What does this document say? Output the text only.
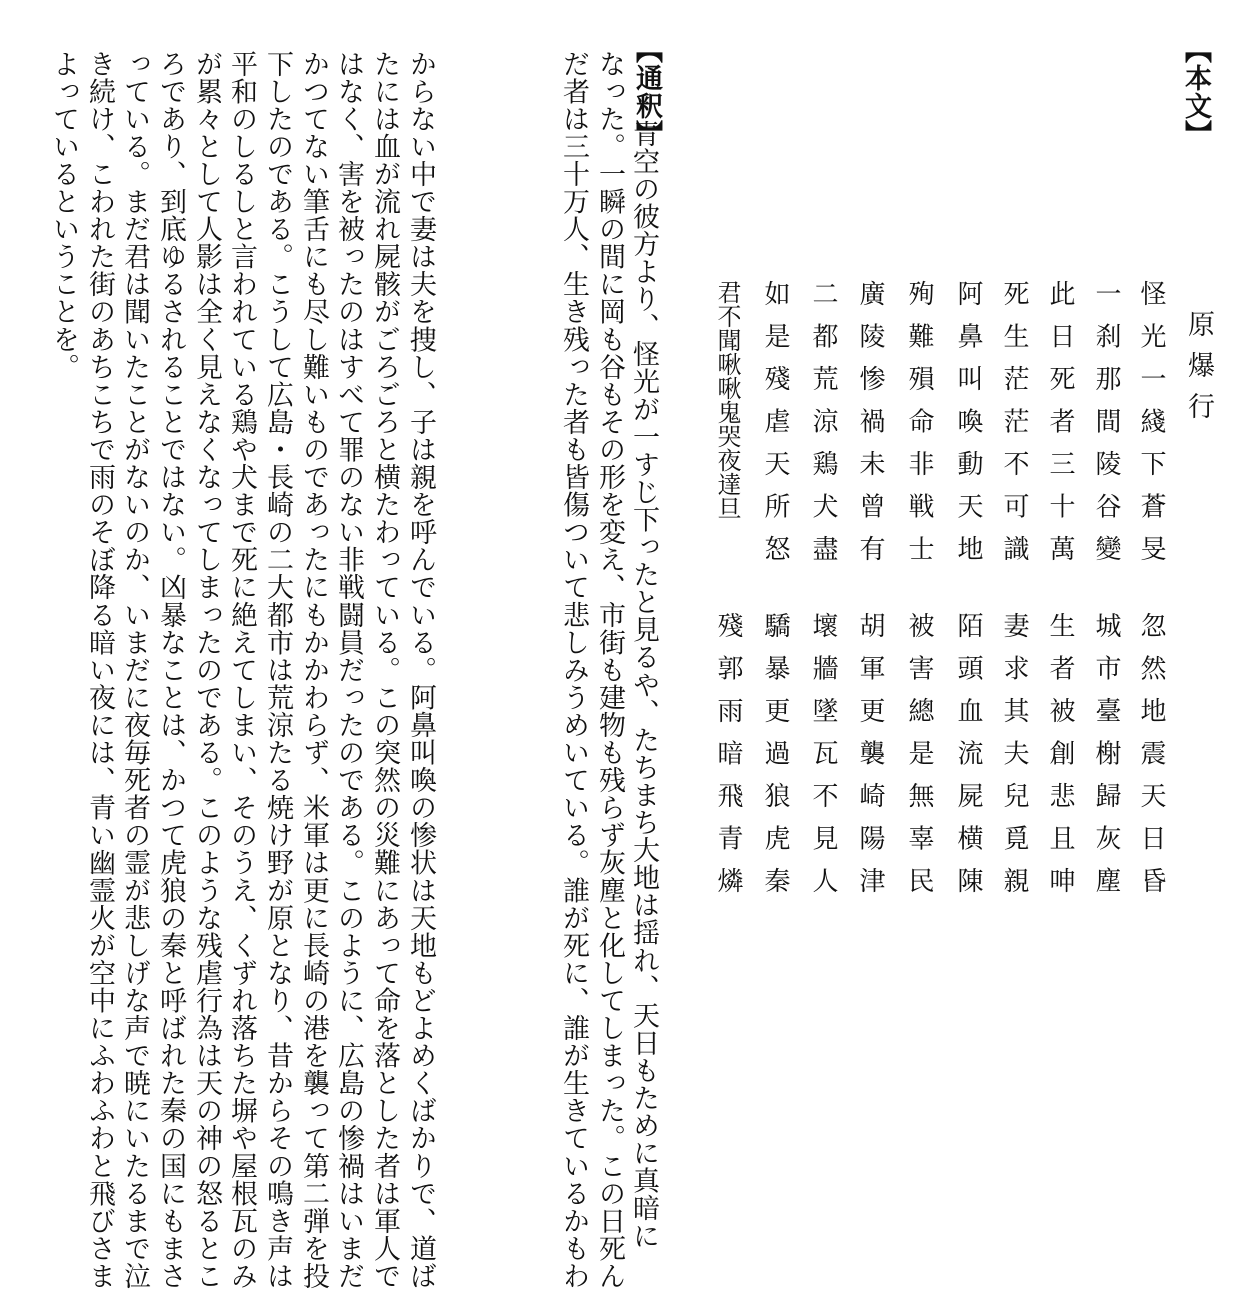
【本文】
【通釈】
原爆行
怪光一綫下蒼旻
一刹那間陵谷變
此日死者三十萬
死生茫茫不可識
阿鼻叫喚動天地
殉難殞命非戦士
廣陵惨禍未曾有
二都荒涼鶏犬盡
如是殘虐天所怒
君不聞啾啾鬼哭夜達旦
忽然地震天日昏
城市臺榭歸灰塵
生者被創悲且呻
妻求其夫兒覓親
陌頭血流屍横陳
被害總是無辜民
胡軍更襲崎陽津
壞牆墜瓦不見人
驕暴更過狼虎秦
殘郭雨暗飛青燐
青空の彼方より、怪光が一すじ下ったと見るや、たちまち大地は揺れ、天日もために真暗に
なった。一瞬の間に岡も谷もその形を変え、市街も建物も残らず灰塵と化してしまった。この日死ん
だ者は三十万人、生き残った者も皆傷ついて悲しみうめいている。誰が死に、誰が生きているかもわ
からない中で妻は夫を捜し、子は親を呼んでいる。阿鼻叫喚の惨状は天地もどよめくばかりで、道ば
たには血が流れ屍骸がごろごろと横たわっている。この突然の災難にあって命を落とした者は軍人で
はなく、害を被ったのはすべて罪のない非戦闘員だったのである。このように、広島の惨禍はいまだ
かつてない筆舌にも尽し難いものであったにもかかわらず、米軍は更に長崎の港を襲って第二弾を投
下したのである。こうして広島・長崎の二大都市は荒涼たる焼け野が原となり、昔からその鳴き声は
平和のしるしと言われている鶏や犬まで死に絶えてしまい、そのうえ、くずれ落ちた塀や屋根瓦のみ
が累々として人影は全く見えなくなってしまったのである。このような残虐行為は天の神の怒るとこ
ろであり、到底ゆるされることではない。凶暴なことは、かつて虎狼の秦と呼ばれた秦の国にもまさ
っている。まだ君は聞いたことがないのか、いまだに夜毎死者の霊が悲しげな声で暁にいたるまで泣
き続け、こわれた街のあちこちで雨のそぼ降る暗い夜には、青い幽霊火が空中にふわふわと飛びさま
よっているということを。
